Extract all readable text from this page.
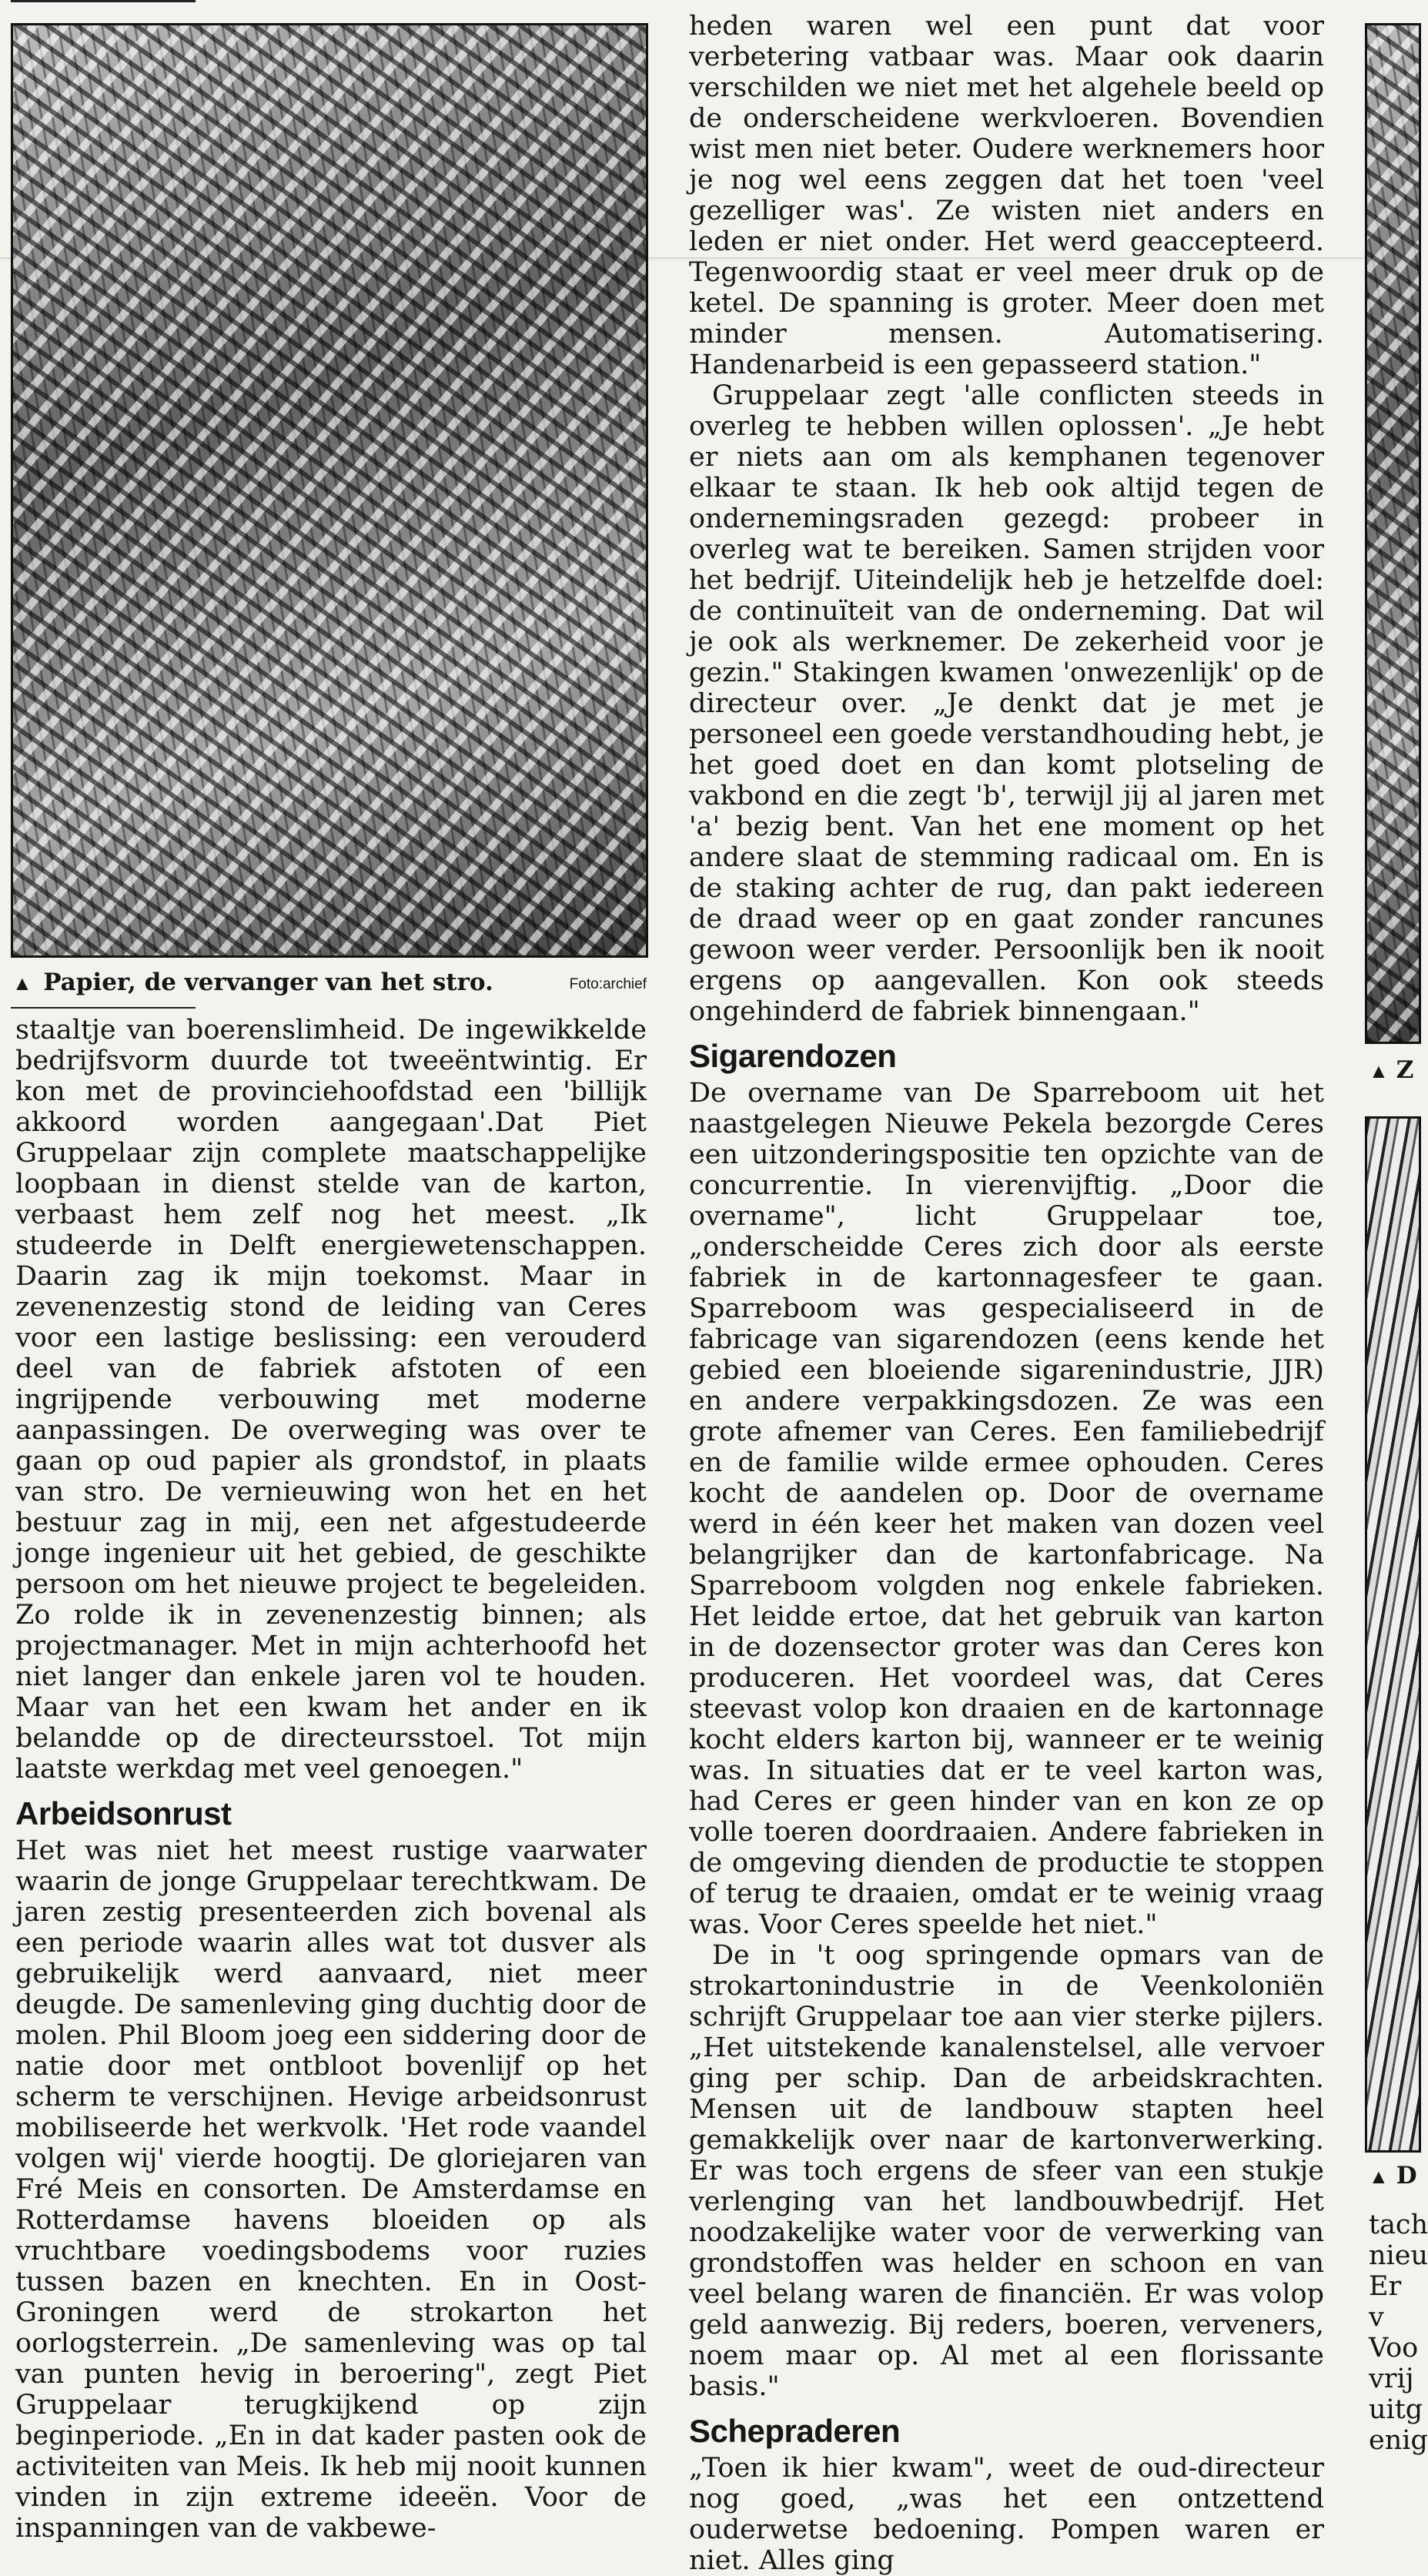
▲ Papier, de vervanger van het stro.	Foto:archief

staaltje van boerenslimheid. De ingewikkelde bedrijfsvorm duurde tot tweeëntwintig. Er kon met de provinciehoofdstad een 'billijk akkoord worden aangegaan'.Dat Piet Gruppelaar zijn complete maatschappelijke loopbaan in dienst stelde van de karton, verbaast hem zelf nog het meest. „Ik studeerde in Delft energiewetenschappen. Daarin zag ik mijn toekomst. Maar in zevenenzestig stond de leiding van Ceres voor een lastige beslissing: een verouderd deel van de fabriek afstoten of een ingrijpende verbouwing met moderne aanpassingen. De overweging was over te gaan op oud papier als grondstof, in plaats van stro. De vernieuwing won het en het bestuur zag in mij, een net afgestudeerde jonge ingenieur uit het gebied, de geschikte persoon om het nieuwe project te begeleiden. Zo rolde ik in zevenenzestig binnen; als projectmanager. Met in mijn achterhoofd het niet langer dan enkele jaren vol te houden. Maar van het een kwam het ander en ik belandde op de directeursstoel. Tot mijn laatste werkdag met veel genoegen."

Arbeidsonrust

Het was niet het meest rustige vaarwater waarin de jonge Gruppelaar terechtkwam. De jaren zestig presenteerden zich bovenal als een periode waarin alles wat tot dusver als gebruikelijk werd aanvaard, niet meer deugde. De samenleving ging duchtig door de molen. Phil Bloom joeg een siddering door de natie door met ontbloot bovenlijf op het scherm te verschijnen. Hevige arbeidsonrust mobiliseerde het werkvolk. 'Het rode vaandel volgen wij' vierde hoogtij. De gloriejaren van Fré Meis en consorten. De Amsterdamse en Rotterdamse havens bloeiden op als vruchtbare voedingsbodems voor ruzies tussen bazen en knechten. En in Oost-Groningen werd de strokarton het oorlogsterrein. „De samenleving was op tal van punten hevig in beroering", zegt Piet Gruppelaar terugkijkend op zijn beginperiode. „En in dat kader pasten ook de activiteiten van Meis. Ik heb mij nooit kunnen vinden in zijn extreme ideeën. Voor de inspanningen van de vakbewe-

heden waren wel een punt dat voor verbetering vatbaar was. Maar ook daarin verschilden we niet met het algehele beeld op de onderscheidene werkvloeren. Bovendien wist men niet beter. Oudere werknemers hoor je nog wel eens zeggen dat het toen 'veel gezelliger was'. Ze wisten niet anders en leden er niet onder. Het werd geaccepteerd. Tegenwoordig staat er veel meer druk op de ketel. De spanning is groter. Meer doen met minder mensen. Automatisering. Handenarbeid is een gepasseerd station."

Gruppelaar zegt 'alle conflicten steeds in overleg te hebben willen oplossen'. „Je hebt er niets aan om als kemphanen tegenover elkaar te staan. Ik heb ook altijd tegen de ondernemingsraden gezegd: probeer in overleg wat te bereiken. Samen strijden voor het bedrijf. Uiteindelijk heb je hetzelfde doel: de continuïteit van de onderneming. Dat wil je ook als werknemer. De zekerheid voor je gezin." Stakingen kwamen 'onwezenlijk' op de directeur over. „Je denkt dat je met je personeel een goede verstandhouding hebt, je het goed doet en dan komt plotseling de vakbond en die zegt 'b', terwijl jij al jaren met 'a' bezig bent. Van het ene moment op het andere slaat de stemming radicaal om. En is de staking achter de rug, dan pakt iedereen de draad weer op en gaat zonder rancunes gewoon weer verder. Persoonlijk ben ik nooit ergens op aangevallen. Kon ook steeds ongehinderd de fabriek binnengaan."

Sigarendozen

De overname van De Sparreboom uit het naastgelegen Nieuwe Pekela bezorgde Ceres een uitzonderingspositie ten opzichte van de concurrentie. In vierenvijftig. „Door die overname", licht Gruppelaar toe, „onderscheidde Ceres zich door als eerste fabriek in de kartonnagesfeer te gaan. Sparreboom was gespecialiseerd in de fabricage van sigarendozen (eens kende het gebied een bloeiende sigarenindustrie, JJR) en andere verpakkingsdozen. Ze was een grote afnemer van Ceres. Een familiebedrijf en de familie wilde ermee ophouden. Ceres kocht de aandelen op. Door de overname werd in één keer het maken van dozen veel belangrijker dan de kartonfabricage. Na Sparreboom volgden nog enkele fabrieken. Het leidde ertoe, dat het gebruik van karton in de dozensector groter was dan Ceres kon produceren. Het voordeel was, dat Ceres steevast volop kon draaien en de kartonnage kocht elders karton bij, wanneer er te weinig was. In situaties dat er te veel karton was, had Ceres er geen hinder van en kon ze op volle toeren doordraaien. Andere fabrieken in de omgeving dienden de productie te stoppen of terug te draaien, omdat er te weinig vraag was. Voor Ceres speelde het niet."

De in 't oog springende opmars van de strokartonindustrie in de Veenkoloniën schrijft Gruppelaar toe aan vier sterke pijlers. „Het uitstekende kanalenstelsel, alle vervoer ging per schip. Dan de arbeidskrachten. Mensen uit de landbouw stapten heel gemakkelijk over naar de kartonverwerking. Er was toch ergens de sfeer van een stukje verlenging van het landbouwbedrijf. Het noodzakelijke water voor de verwerking van grondstoffen was helder en schoon en van veel belang waren de financiën. Er was volop geld aanwezig. Bij reders, boeren, verveners, noem maar op. Al met al een florissante basis."

Schepraderen

„Toen ik hier kwam", weet de oud-directeur nog goed, „was het een ontzettend ouderwetse bedoening. Pompen waren er niet. Alles ging

▲ Z
▲ D
tach
nieu
Er v
Voo
vrij
uitg
enig
